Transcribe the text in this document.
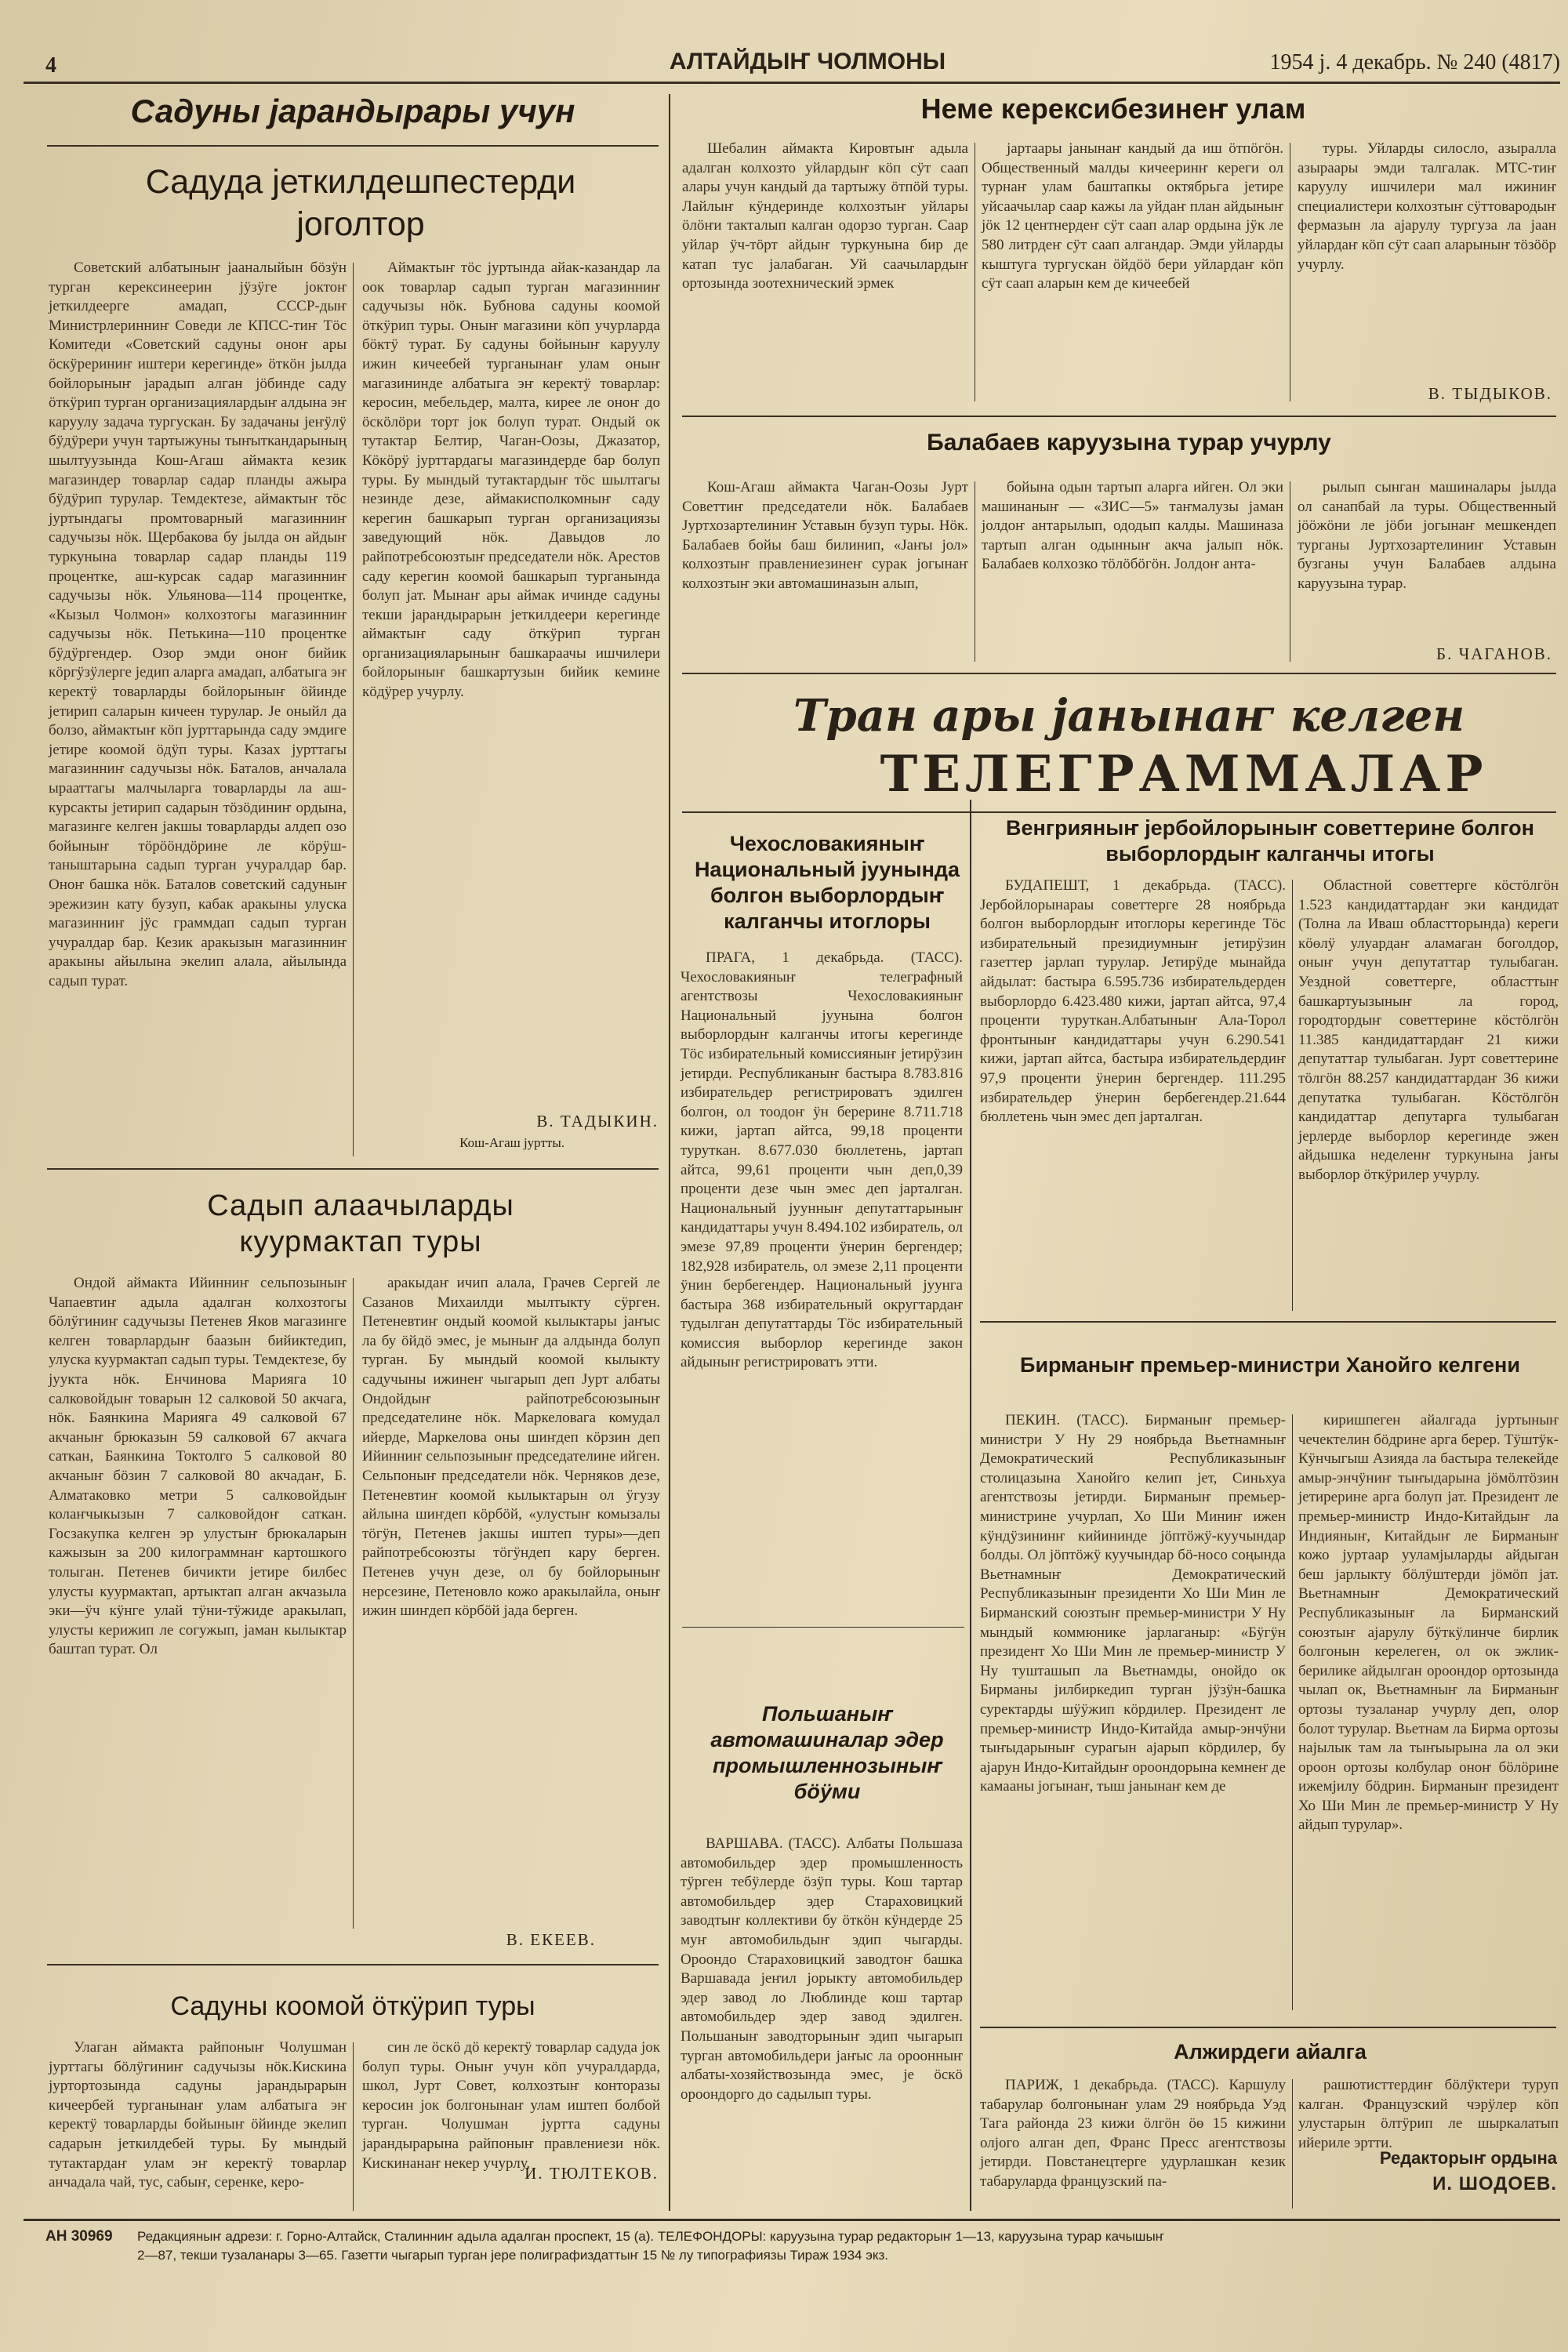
4	АЛТАЙДЫҤ ЧОЛМОНЫ	1954 ј. 4 декабрь. № 240 (4817)
Садуны јарандырары учун
Садуда јеткилдешпестерди јоголтор

Советский албатыныҥ јааналыйын бӧзӱн турган керексинеерин јӱзӱге јоктоҥ јеткилдеерге амадап, СССР-дыҥ Министрлеринниҥ Соведи ле КПСС-тиҥ Тӧс Комитеди «Советский садуны оноҥ ары ӧскӱрериниҥ иштери керегинде» ӧткӧн јылда бойлорыныҥ јарадып алган јӧбинде саду ӧткӱрип турган организациялардыҥ алдына эҥ каруулу задача тургускан. Бу задачаны јеҥӱлӱ бӱдӱрери учун тартыжуны тыҥыткандарының шылтуузында Кош-Агаш аймакта кезик магазиндер товарлар садар планды ажыра бӱдӱрип турулар. Темдектезе, аймактыҥ тӧс јуртындагы промтоварный магазинниҥ садучызы нӧк. Щербакова бу јылда он айдыҥ туркунына товарлар садар планды 119 процентке, аш-курсак садар магазинниҥ садучызы нӧк. Ульянова—114 процентке, «Кызыл Чолмон» колхозтогы магазинниҥ садучызы нӧк. Петькина—110 процентке бӱдӱргендер. Озор эмди оноҥ бийик кӧргӱзӱлерге једип аларга амадап, албатыга эҥ керектӱ товарларды бойлорыныҥ ӧйинде јетирип саларын кичеен турулар. Је оныйл да болзо, аймактыҥ кӧп јурттарында саду эмдиге јетире коомой ӧдӱп туры. Казах јурттагы магазинниҥ садучызы нӧк. Баталов, анчалала ырааттагы малчыларга товарларды ла аш-курсакты јетирип садарын тӧзӧдиниҥ ордына, магазинге келген јакшы товарларды алдеп озо бойыныҥ тӧрӧӧндӧрине ле кӧрӱш-таныштарына садып турган учуралдар бар. Оноҥ башка нӧк. Баталов советский садуныҥ эрежизин кату бузуп, кабак аракыны улуска магазинниҥ јӱс граммдап садып турган учуралдар бар. Кезик аракызын магазинниҥ аракыны айылына экелип алала, айылында садып турат.

Аймактыҥ тӧс јуртында айак-казандар ла оок товарлар садып турган магазинниҥ садучызы нӧк. Бубнова садуны коомой ӧткӱрип туры. Оныҥ магазини кӧп учурларда бӧктӱ турат. Бу садуны бойыныҥ каруулу ижин кичеебей турганынаҥ улам оныҥ магазининде албатыга эҥ керектӱ товарлар: керосин, мебельдер, малта, кирее ле оноҥ до ӧскӧлӧри торт јок болуп турат. Ондый ок тутактар Белтир, Чаган-Оозы, Джазатор, Кӧкӧрӱ јурттардагы магазиндерде бар болуп туры. Бу мындый тутактардыҥ тӧс шылтагы незинде дезе, аймакисполкомныҥ саду керегин башкарып турган организациязы заведующий нӧк. Давыдов ло райпотребсоюзтыҥ председатели нӧк. Арестов саду керегин коомой башкарып турганында болуп јат. Мынаҥ ары аймак ичинде садуны текши јарандырарын јеткилдеери керегинде аймактыҥ саду ӧткӱрип турган организацияларыныҥ башкараачы ишчилери бойлорыныҥ башкартузын бийик кемине кӧдӱрер учурлу.

В. ТАДЫКИН.
Кош-Агаш јуртты.
Садып алаачыларды куурмактап туры

Ондой аймакта Ийинниҥ сельпозыныҥ Чапаевтиҥ адыла адалган колхозтогы бӧлӱгиниҥ садучызы Петенев Яков магазинге келген товарлардыҥ баазын бийиктедип, улуска куурмактап садып туры. Темдектезе, бу јуукта нӧк. Енчинова Марияга 10 салковойдыҥ товарын 12 салковой 50 акчага, нӧк. Баянкина Марияга 49 салковой 67 акчаныҥ брюказын 59 салковой 67 акчага саткан, Баянкина Токтолго 5 салковой 80 акчаныҥ бӧзин 7 салковой 80 акчадаҥ, Б. Алматаковко метри 5 салковойдыҥ колаҥчыкызын 7 салковойдоҥ саткан. Госзакупка келген эр улустыҥ брюкаларын кажызын за 200 килограммнаҥ картошкого толыган. Петенев бичикти јетире билбес улусты куурмактап, артыктап алган акчазыла эки—ӱч кӱнге улай тӱни-тӱжиде аракылап, улусты керижип ле согужып, јаман кылыктар баштап турат. Ол

аракыдаҥ ичип алала, Грачев Сергей ле Сазанов Михаилди мылтыкту сӱрген. Петеневтиҥ ондый коомой кылыктары јаҥыс ла бу ӧйдӧ эмес, је мыныҥ да алдында болуп турган. Бу мындый коомой кылыкту садучыны ижинеҥ чыгарып деп Јурт албаты Ондойдыҥ райпотребсоюзыныҥ председателине нӧк. Маркеловага комудал ийерде, Маркелова оны шиҥдеп кӧрзин деп Ийинниҥ сельпозыныҥ председателине ийген. Сельпоныҥ председатели нӧк. Черняков дезе, Петеневтиҥ коомой кылыктарын ол ӱгузу айлына шиҥдеп кӧрбӧй, «улустыҥ комызалы тӧгӱн, Петенев јакшы иштеп туры»—деп райпотребсоюзты тӧгӱндеп кару берген. Петенев учун дезе, ол бу бойлорыныҥ нерсезине, Петеновло кожо аракылайла, оныҥ ижин шиҥдеп кӧрбӧй јада берген.

В. ЕКЕЕВ.
Садуны коомой ӧткӱрип туры

Улаган аймакта райпоныҥ Чолушман јурттагы бӧлӱгиниҥ садучызы нӧк.Кискина јуртортозында садуны јарандырарын кичеербей турганынаҥ улам албатыга эҥ керектӱ товарларды бойыныҥ ӧйинде экелип садарын јеткилдебей туры. Бу мындый тутактардаҥ улам эҥ керектӱ товарлар анчадала чай, тус, сабыҥ, серенке, керо-

син ле ӧскӧ дӧ керектӱ товарлар садуда јок болуп туры. Оныҥ учун кӧп учуралдарда, школ, Јурт Совет, колхозтыҥ конторазы керосин јок болгонынаҥ улам иштеп болбой турган. Чолушман јуртта садуны јарандырарына райпоныҥ правлениези нӧк. Кискинанаҥ некер учурлу.

И. ТЮЛТЕКОВ.
Неме керексибезинеҥ улам

Шебалин аймакта Кировтыҥ адыла адалган колхозто уйлардыҥ кӧп сӱт саап алары учун кандый да тартыжу ӧтпӧй туры. Лайлыҥ кӱндеринде колхозтыҥ уйлары ӧлӧҥи такталып калган одорзо турган. Саар уйлар ӱч-тӧрт айдыҥ туркунына бир де катап тус јалабаган. Уй саачылардыҥ ортозында зоотехнический эрмек

јартаары јанынаҥ кандый да иш ӧтпӧгӧн. Общественный малды кичееринҥ кереги ол турнаҥ улам баштапкы октябрьга јетире уйсаачылар саар кажы ла уйдаҥ план айдыныҥ јӧк 12 центнердеҥ сӱт саап алар ордына јӱк ле 580 литрдеҥ сӱт саап алгандар. Эмди уйларды кыштуга тургускан ӧйдӧӧ бери уйлардаҥ кӧп сӱт саап аларын кем де кичеебей

туры. Уйларды силосло, азыралла азыраары эмди талгалак. МТС-тиҥ каруулу ишчилери мал ижиниҥ специалистери колхозтыҥ сӱттовародыҥ фермазын ла ајарулу тургуза ла јаан уйлардаҥ кӧп сӱт саап аларыныҥ тӧзӧӧр учурлу.

В. ТЫДЫКОВ.
Балабаев каруузына турар учурлу

Кош-Агаш аймакта Чаган-Оозы Јурт Советтиҥ председатели нӧк. Балабаев Јуртхозартелиниҥ Уставын бузуп туры. Нӧк. Балабаев бойы баш билинип, «Јаҥы јол» колхозтыҥ правлениезинеҥ сурак јогынаҥ колхозтыҥ эки автомашиназын алып,

бойына одын тартып аларга ийген. Ол эки машинаныҥ — «ЗИС—5» таҥмалузы јаман јолдоҥ антарылып, ододып калды. Машиназа тартып алган одынныҥ акча јалып нӧк. Балабаев колхозко тӧлӧбӧгӧн. Јолдоҥ анта-

рылып сынган машиналары јылда ол санапбай ла туры. Общественный јӧӧжӧни ле јӧби јогынаҥ мешкендеп турганы Јуртхозартелиниҥ Уставын бузганы учун Балабаев алдына каруузына турар.

Б. ЧАГАНОВ.
Тран ары јанынаҥ келген
ТЕЛЕГРАММАЛАР
Чехословакияныҥ Национальный јуунында болгон выборлордыҥ калганчы итоглоры

ПРАГА, 1 декабрьда. (ТАСС). Чехословакияныҥ телеграфный агентствозы Чехословакияныҥ Национальный јуунына болгон выборлордыҥ калганчы итогы керегинде Тӧс избирательный комиссияныҥ јетирӱзин јетирди. Республиканыҥ бастыра 8.783.816 избирательдер регистрироватъ эдилген болгон, ол тоодоҥ ӱн берерине 8.711.718 кижи, јартап айтса, 99,18 проценти туруткан. 8.677.030 бюллетень, јартап айтса, 99,61 проценти чын деп,0,39 проценти дезе чын эмес деп јарталган. Национальный јуунныҥ депутаттарыныҥ кандидаттары учун 8.494.102 избиратель, ол эмезе 97,89 проценти ӱнерин бергендер; 182,928 избиратель, ол эмезе 2,11 проценти ӱнин бербегендер. Национальный јуунга бастыра 368 избирательный округтардаҥ тудылган депутаттарды Тӧс избирательный комиссия выборлор керегинде закон айдыныҥ регистрироватъ этти.

Венгрияныҥ јербойлорыныҥ советтерине болгон выборлордыҥ калганчы итогы

БУДАПЕШТ, 1 декабрьда. (ТАСС). Јербойлорынараы советтерге 28 ноябрьда болгон выборлордыҥ итоглоры керегинде Тӧс избирательный президиумныҥ јетирӱзин газеттер јарлап турулар. Јетирӱде мынайда айдылат: бастыра 6.595.736 избирательдерден выборлордо 6.423.480 кижи, јартап айтса, 97,4 проценти туруткан.Албатыныҥ Ала-Торол фронтыныҥ кандидаттары учун 6.290.541 кижи, јартап айтса, бастыра избирательдердиҥ 97,9 проценти ӱнерин бергендер. 111.295 избирательдер ӱнерин бербегендер.21.644 бюллетень чын эмес деп јарталган.

Областной советтерге кӧстӧлгӧн 1.523 кандидаттардаҥ эки кандидат (Толна ла Иваш областторында) кереги кӧөлӱ улуардаҥ аламаган боголдор, оныҥ учун депутаттар тулыбаган. Уездной советтерге, областтыҥ башкартуызыныҥ ла город, городтордыҥ советтерине кӧстӧлгӧн 11.385 кандидаттардаҥ 21 кижи депутаттар тулыбаган. Јурт советтерине тӧлгӧн 88.257 кандидаттардаҥ 36 кижи депутатка тулыбаган. Кӧстӧлгӧн кандидаттар депутарга тулыбаган јерлерде выборлор керегинде эжен айдышка неделенҥ туркунына јаҥы выборлор ӧткӱрилер учурлу.

Польшаныҥ автомашиналар эдер промышленнозыныҥ бӧӱми

ВАРШАВА. (ТАСС). Албаты Польшаза автомобильдер эдер промышленность тӱрген тебӱлерде ӧзӱп туры. Кош тартар автомобильдер эдер Стараховицкий заводтыҥ коллективи бу ӧткӧн кӱндерде 25 муҥ автомобильдыҥ эдип чыгарды. Ороондо Стараховицкий заводтоҥ башка Варшавада јеҥил јорыкту автомобильдер эдер завод ло Люблинде кош тартар автомобильдер эдер завод эдилген. Польшаныҥ заводторыныҥ эдип чыгарып турган автомобильдери јаҥыс ла ороонныҥ албаты-хозяйствозында эмес, је ӧскӧ ороондорго до садылып туры.

Бирманыҥ премьер-министри Ханойго келгени

ПЕКИН. (ТАСС). Бирманыҥ премьер-министри У Ну 29 ноябрьда Вьетнамныҥ Демократический Республиказыныҥ столицазына Ханойго келип јет, Синьхуа агентствозы јетирди. Бирманыҥ премьер-министрине учурлап, Хо Ши Миниҥ ижен кӱндӱзининҥ кийининде јӧптӧжӱ-куучындар болды. Ол јӧптӧжӱ куучындар бӧ-носо соңында Вьетнамныҥ Демократический Республиказыныҥ президенти Хо Ши Мин ле Бирманский союзтыҥ премьер-министри У Ну мындый коммюнике јарлаганыр: «Бӱгӱн президент Хо Ши Мин ле премьер-министр У Ну тушташып ла Вьетнамды, онойдо ок Бирманы јилбиркедип турган јӱзӱн-башка суректарды шӱӱжип кӧрдилер. Президент ле премьер-министр Индо-Китайда амыр-энчӱни тыҥыдарыныҥ сурагын ајарып кӧрдилер, бу ајарун Индо-Китайдыҥ ороондорына кемнеҥ де камааны јогынаҥ, тыш јанынаҥ кем де

киришпеген айалгада јуртыныҥ чечектелин бӧдрине арга берер. Тӱштӱк-Кӱнчыгыш Азияда ла бастыра телекейде амыр-энчӱниҥ тыҥыдарына јӧмӧлтӧзин јетирерине арга болуп јат. Президент ле премьер-министр Индо-Китайдыҥ ла Индияныҥ, Китайдыҥ ле Бирманыҥ кожо јуртаар ууламјыларды айдыган беш јарлыкту бӧлӱштерди јӧмӧп јат. Вьетнамныҥ Демократический Республиказыныҥ ла Бирманский союзтыҥ ајарулу бӱткӱлинче бирлик болгонын керелеген, ол ок эжлик-берилике айдылган ороондор ортозында чылап ок, Вьетнамныҥ ла Бирманыҥ ортозы тузаланар учурлу деп, олор болот турулар. Вьетнам ла Бирма ортозы најылык там ла тыҥыырына ла ол эки ороон ортозы колбулар оноҥ бӧлӧрине ижемјилу бӧдрин. Бирманыҥ президент Хо Ши Мин ле премьер-министр У Ну айдып турулар».

Алжирдеги айалга

ПАРИЖ, 1 декабрьда. (ТАСС). Каршулу табарулар болгонынаҥ улам 29 ноябрьда Уэд Тага районда 23 кижи ӧлгӧн ӧө 15 кижини олјого алган деп, Франс Пресс агентствозы јетирди. Повстанецтерге удурлашкан кезик табаруларда французский па-

рашютисттердиҥ бӧлӱктери туруп калган. Французский чэрӱлер кӧп улустарын ӧлтӱрип ле шыркалатып ийериле эртти.

Редакторыҥ ордына
И. ШОДОЕВ.
АН 30969 Редакцияныҥ адрези: г. Горно-Алтайск, Сталинниҥ адыла адалган проспект, 15 (а). ТЕЛЕФОНДОРЫ: каруузына турар редакторыҥ 1—13, каруузына турар качышыҥ
2—87, текши тузаланары 3—65. Газетти чыгарып турган јерe полиграфиздаттыҥ 15 № лу типографиязы Тираж 1934 экз.
